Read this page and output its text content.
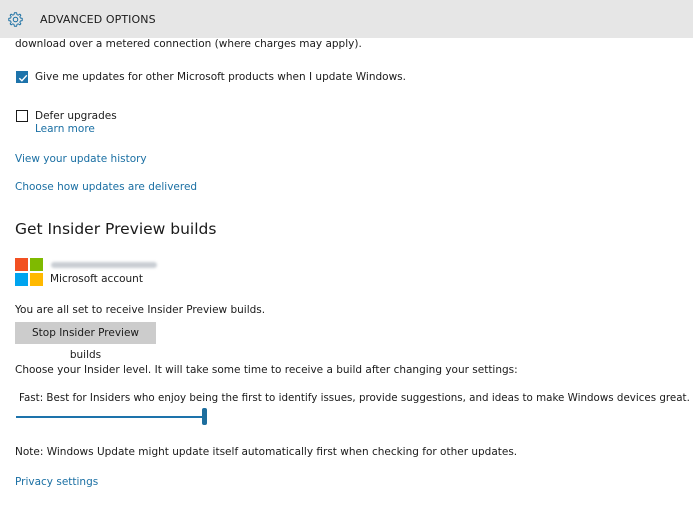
ADVANCED OPTIONS
download over a metered connection (where charges may apply).
Give me updates for other Microsoft products when I update Windows.
Defer upgrades
Learn more
View your update history
Choose how updates are delivered
Get Insider Preview builds
Microsoft account
You are all set to receive Insider Preview builds.
Stop Insider Preview builds
Choose your Insider level. It will take some time to receive a build after changing your settings:
Fast: Best for Insiders who enjoy being the first to identify issues, provide suggestions, and ideas to make Windows devices great.
Note: Windows Update might update itself automatically first when checking for other updates.
Privacy settings
